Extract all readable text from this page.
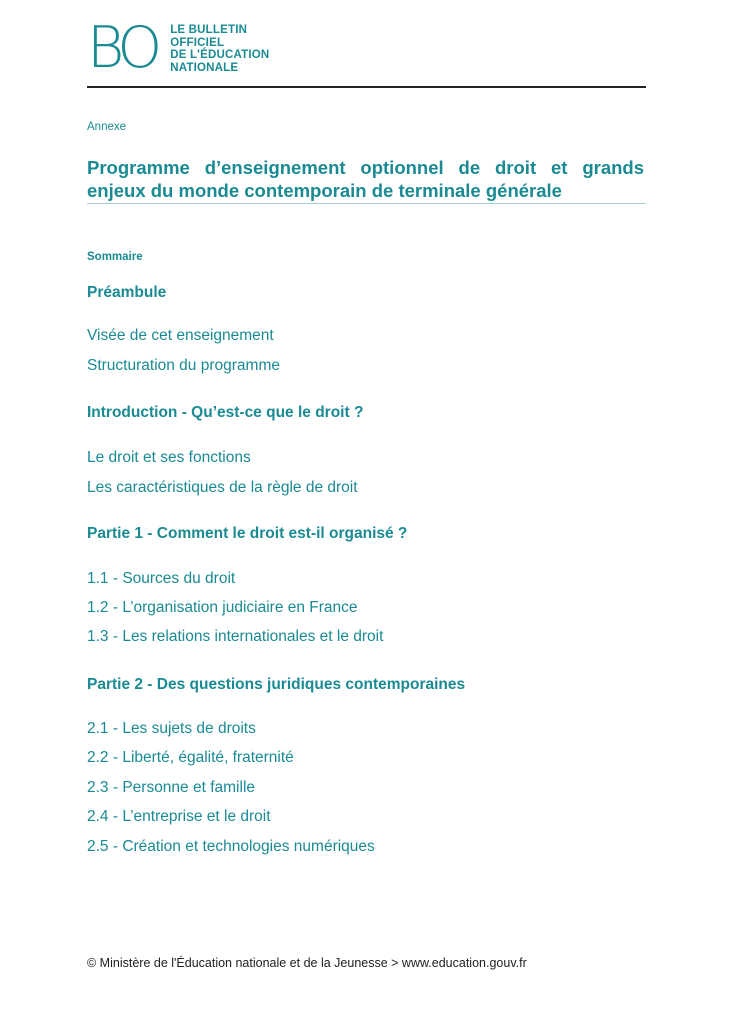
BO LE BULLETIN
OFFICIEL
DE L'ÉDUCATION
NATIONALE
Annexe
Programme d’enseignement optionnel de droit et grands enjeux du monde contemporain de terminale générale
Sommaire
Préambule
Visée de cet enseignement
Structuration du programme
Introduction - Qu’est-ce que le droit ?
Le droit et ses fonctions
Les caractéristiques de la règle de droit
Partie 1 - Comment le droit est-il organisé ?
1.1 - Sources du droit
1.2 - L’organisation judiciaire en France
1.3 - Les relations internationales et le droit
Partie 2 - Des questions juridiques contemporaines
2.1 - Les sujets de droits
2.2 - Liberté, égalité, fraternité
2.3 - Personne et famille
2.4 - L’entreprise et le droit
2.5 - Création et technologies numériques
© Ministère de l'Éducation nationale et de la Jeunesse > www.education.gouv.fr
